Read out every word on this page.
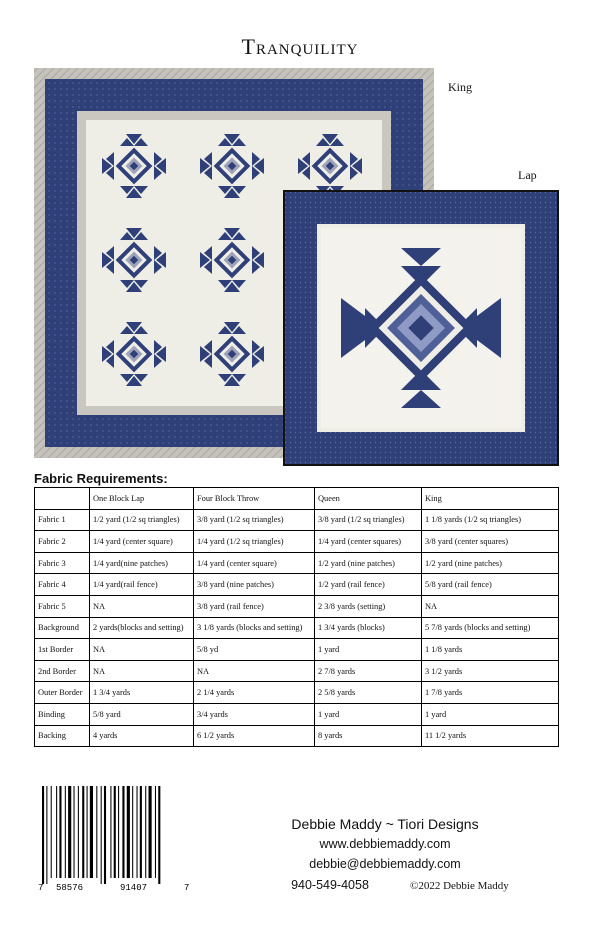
Tranquility
King
Lap
Fabric Requirements:
	One Block Lap	Four Block Throw	Queen	King
Fabric 1	1/2 yard (1/2 sq triangles)	3/8 yard (1/2 sq triangles)	3/8 yard (1/2 sq triangles)	1 1/8 yards (1/2 sq triangles)
Fabric 2	1/4 yard (center square)	1/4 yard (1/2 sq triangles)	1/4 yard (center squares)	3/8 yard (center squares)
Fabric 3	1/4 yard(nine patches)	1/4 yard (center square)	1/2 yard (nine patches)	1/2 yard (nine patches)
Fabric 4	1/4 yard(rail fence)	3/8 yard (nine patches)	1/2 yard (rail fence)	5/8 yard (rail fence)
Fabric 5	NA	3/8 yard (rail fence)	2 3/8 yards (setting)	NA
Background	2 yards(blocks and setting)	3 1/8 yards (blocks and setting)	1 3/4 yards (blocks)	5 7/8 yards (blocks and setting)
1st Border	NA	5/8 yd	1 yard	1 1/8 yards
2nd Border	NA	NA	2 7/8 yards	3 1/2 yards
Outer Border	1 3/4 yards	2 1/4 yards	2 5/8 yards	1 7/8 yards
Binding	5/8 yard	3/4 yards	1 yard	1 yard
Backing	4 yards	6 1/2 yards	8 yards	11 1/2 yards
7 58576	91407	7
Debbie Maddy ~ Tiori Designs
www.debbiemaddy.com
debbie@debbiemaddy.com
940-549-4058	©2022 Debbie Maddy
